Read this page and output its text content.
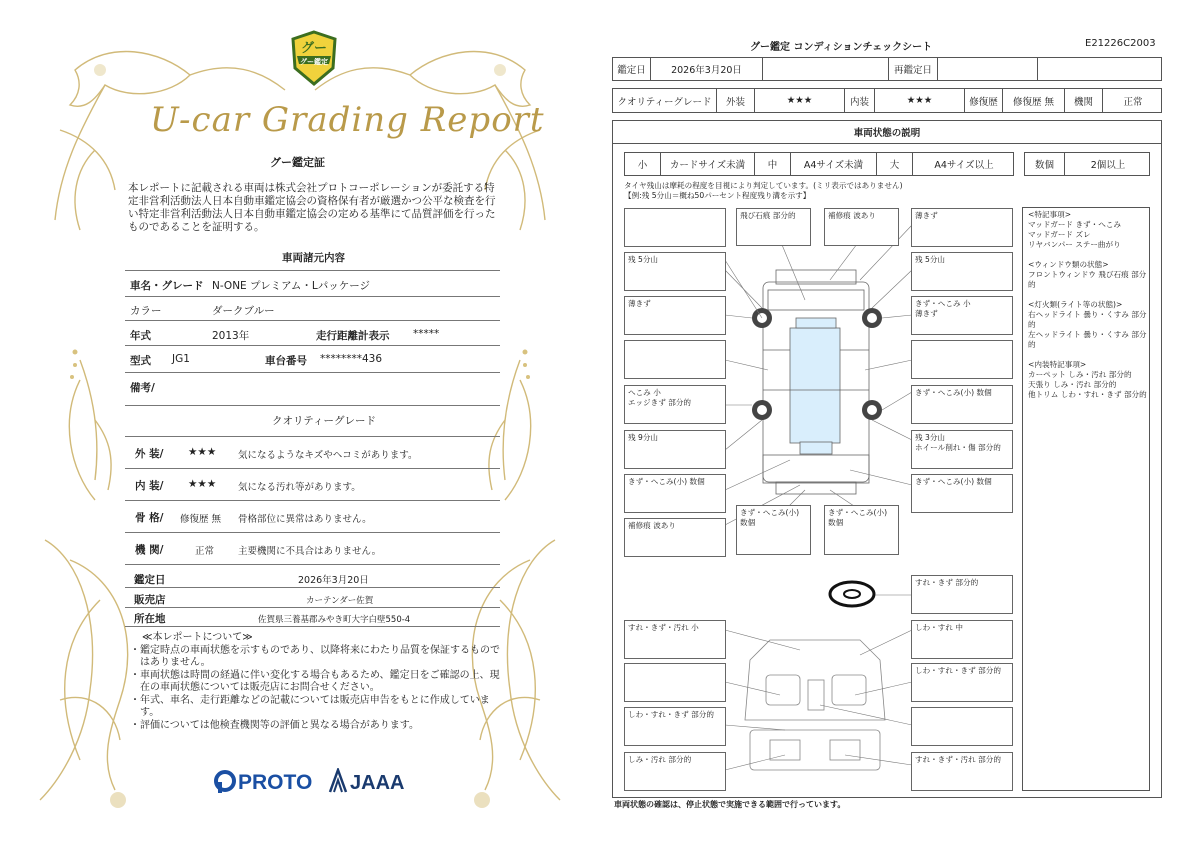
グー
グー鑑定
U-car Grading Report
グー鑑定証
本レポートに記載される車両は株式会社プロトコーポレーションが委託する特定非営利活動法人日本自動車鑑定協会の資格保有者が厳選かつ公平な検査を行い特定非営利活動法人日本自動車鑑定協会の定める基準にて品質評価を行ったものであることを証明する。
車両諸元内容
車名・グレード N-ONE プレミアム・Lパッケージ
カラー	ダークブルー
年式	2013年	走行距離計表示 *****
型式 JG1	車台番号 ********436
備考/
クオリティーグレード
外 装/ ★★★ 気になるようなキズやヘコミがあります。
内 装/ ★★★ 気になる汚れ等があります。
骨 格/ 修復歴 無 骨格部位に異常はありません。
機 関/	正常	主要機関に不具合はありません。
鑑定日	2026年3月20日
販売店	カーテンダー佐賀
所在地	佐賀県三養基郡みやき町大字白壁550-4
≪本レポートについて≫
・ 鑑定時点の車両状態を示すものであり、以降将来にわたり品質を保証するものではありません。
・ 車両状態は時間の経過に伴い変化する場合もあるため、鑑定日をご確認の上、現在の車両状態については販売店にお問合せください。
・ 年式、車名、走行距離などの記載については販売店申告をもとに作成しています。
・ 評価については他検査機関等の評価と異なる場合があります。
PROTO JAAA
グー鑑定 コンディションチェックシート	E21226C2003
鑑定日	2026年3月20日	再鑑定日
クオリティーグレード	外装	★★★	内装	★★★	修復歴	修復歴 無	機関	正常
車両状態の説明
小	カードサイズ未満	中	A4サイズ未満	大	A4サイズ以上	数個	2個以上
タイヤ残山は摩耗の程度を目視により判定しています。(ミリ表示ではありません)
【例:残 5分山＝概ね50パーセント程度残り溝を示す】
飛び石痕 部分的	補修痕 波あり	薄きず
残 5分山	残 5分山
薄きず	きず・へこみ 小
薄きず
へこみ 小
エッジきず 部分的
きず・へこみ(小) 数個
残 9分山	残 3分山
ホイール削れ・傷 部分的
きず・へこみ(小) 数個	きず・へこみ(小) 数個
補修痕 波あり
きず・へこみ(小) 数個
きず・へこみ(小) 数個
すれ・きず 部分的
すれ・きず・汚れ 小	しわ・すれ 中
しわ・すれ・きず 部分的
しわ・すれ・きず 部分的
しみ・汚れ 部分的	すれ・きず・汚れ 部分的
<特記事項>
マッドガード きず・へこみ
マッドガード ズレ
リヤバンパー ステー曲がり
<ウィンドウ類の状態>
フロントウィンドウ 飛び石痕 部分的
<灯火類(ライト等の状態)>
右ヘッドライト 曇り・くすみ 部分的
左ヘッドライト 曇り・くすみ 部分的
<内装特記事項>
カーペット しみ・汚れ 部分的
天張り しみ・汚れ 部分的
他トリム しわ・すれ・きず 部分的
車両状態の確認は、停止状態で実施できる範囲で行っています。
